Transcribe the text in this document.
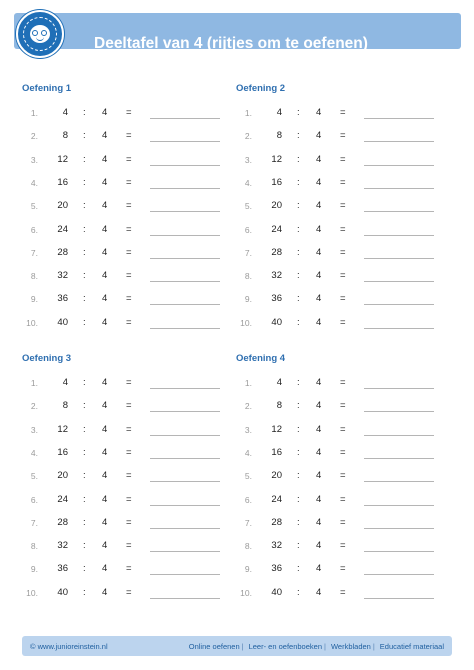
Deeltafel van 4 (rijtjes om te oefenen)
Oefening 1
1.	4 : 4 =
2.	8 : 4 =
3.	12 : 4 =
4.	16 : 4 =
5.	20 : 4 =
6.	24 : 4 =
7.	28 : 4 =
8.	32 : 4 =
9.	36 : 4 =
10.	40 : 4 =
Oefening 2
1.	4 : 4 =
2.	8 : 4 =
3.	12 : 4 =
4.	16 : 4 =
5.	20 : 4 =
6.	24 : 4 =
7.	28 : 4 =
8.	32 : 4 =
9.	36 : 4 =
10.	40 : 4 =
Oefening 3
1.	4 : 4 =
2.	8 : 4 =
3.	12 : 4 =
4.	16 : 4 =
5.	20 : 4 =
6.	24 : 4 =
7.	28 : 4 =
8.	32 : 4 =
9.	36 : 4 =
10.	40 : 4 =
Oefening 4
1.	4 : 4 =
2.	8 : 4 =
3.	12 : 4 =
4.	16 : 4 =
5.	20 : 4 =
6.	24 : 4 =
7.	28 : 4 =
8.	32 : 4 =
9.	36 : 4 =
10.	40 : 4 =
© www.junioreinstein.nl	Online oefenen | Leer- en oefenboeken | Werkbladen | Educatief materiaal
